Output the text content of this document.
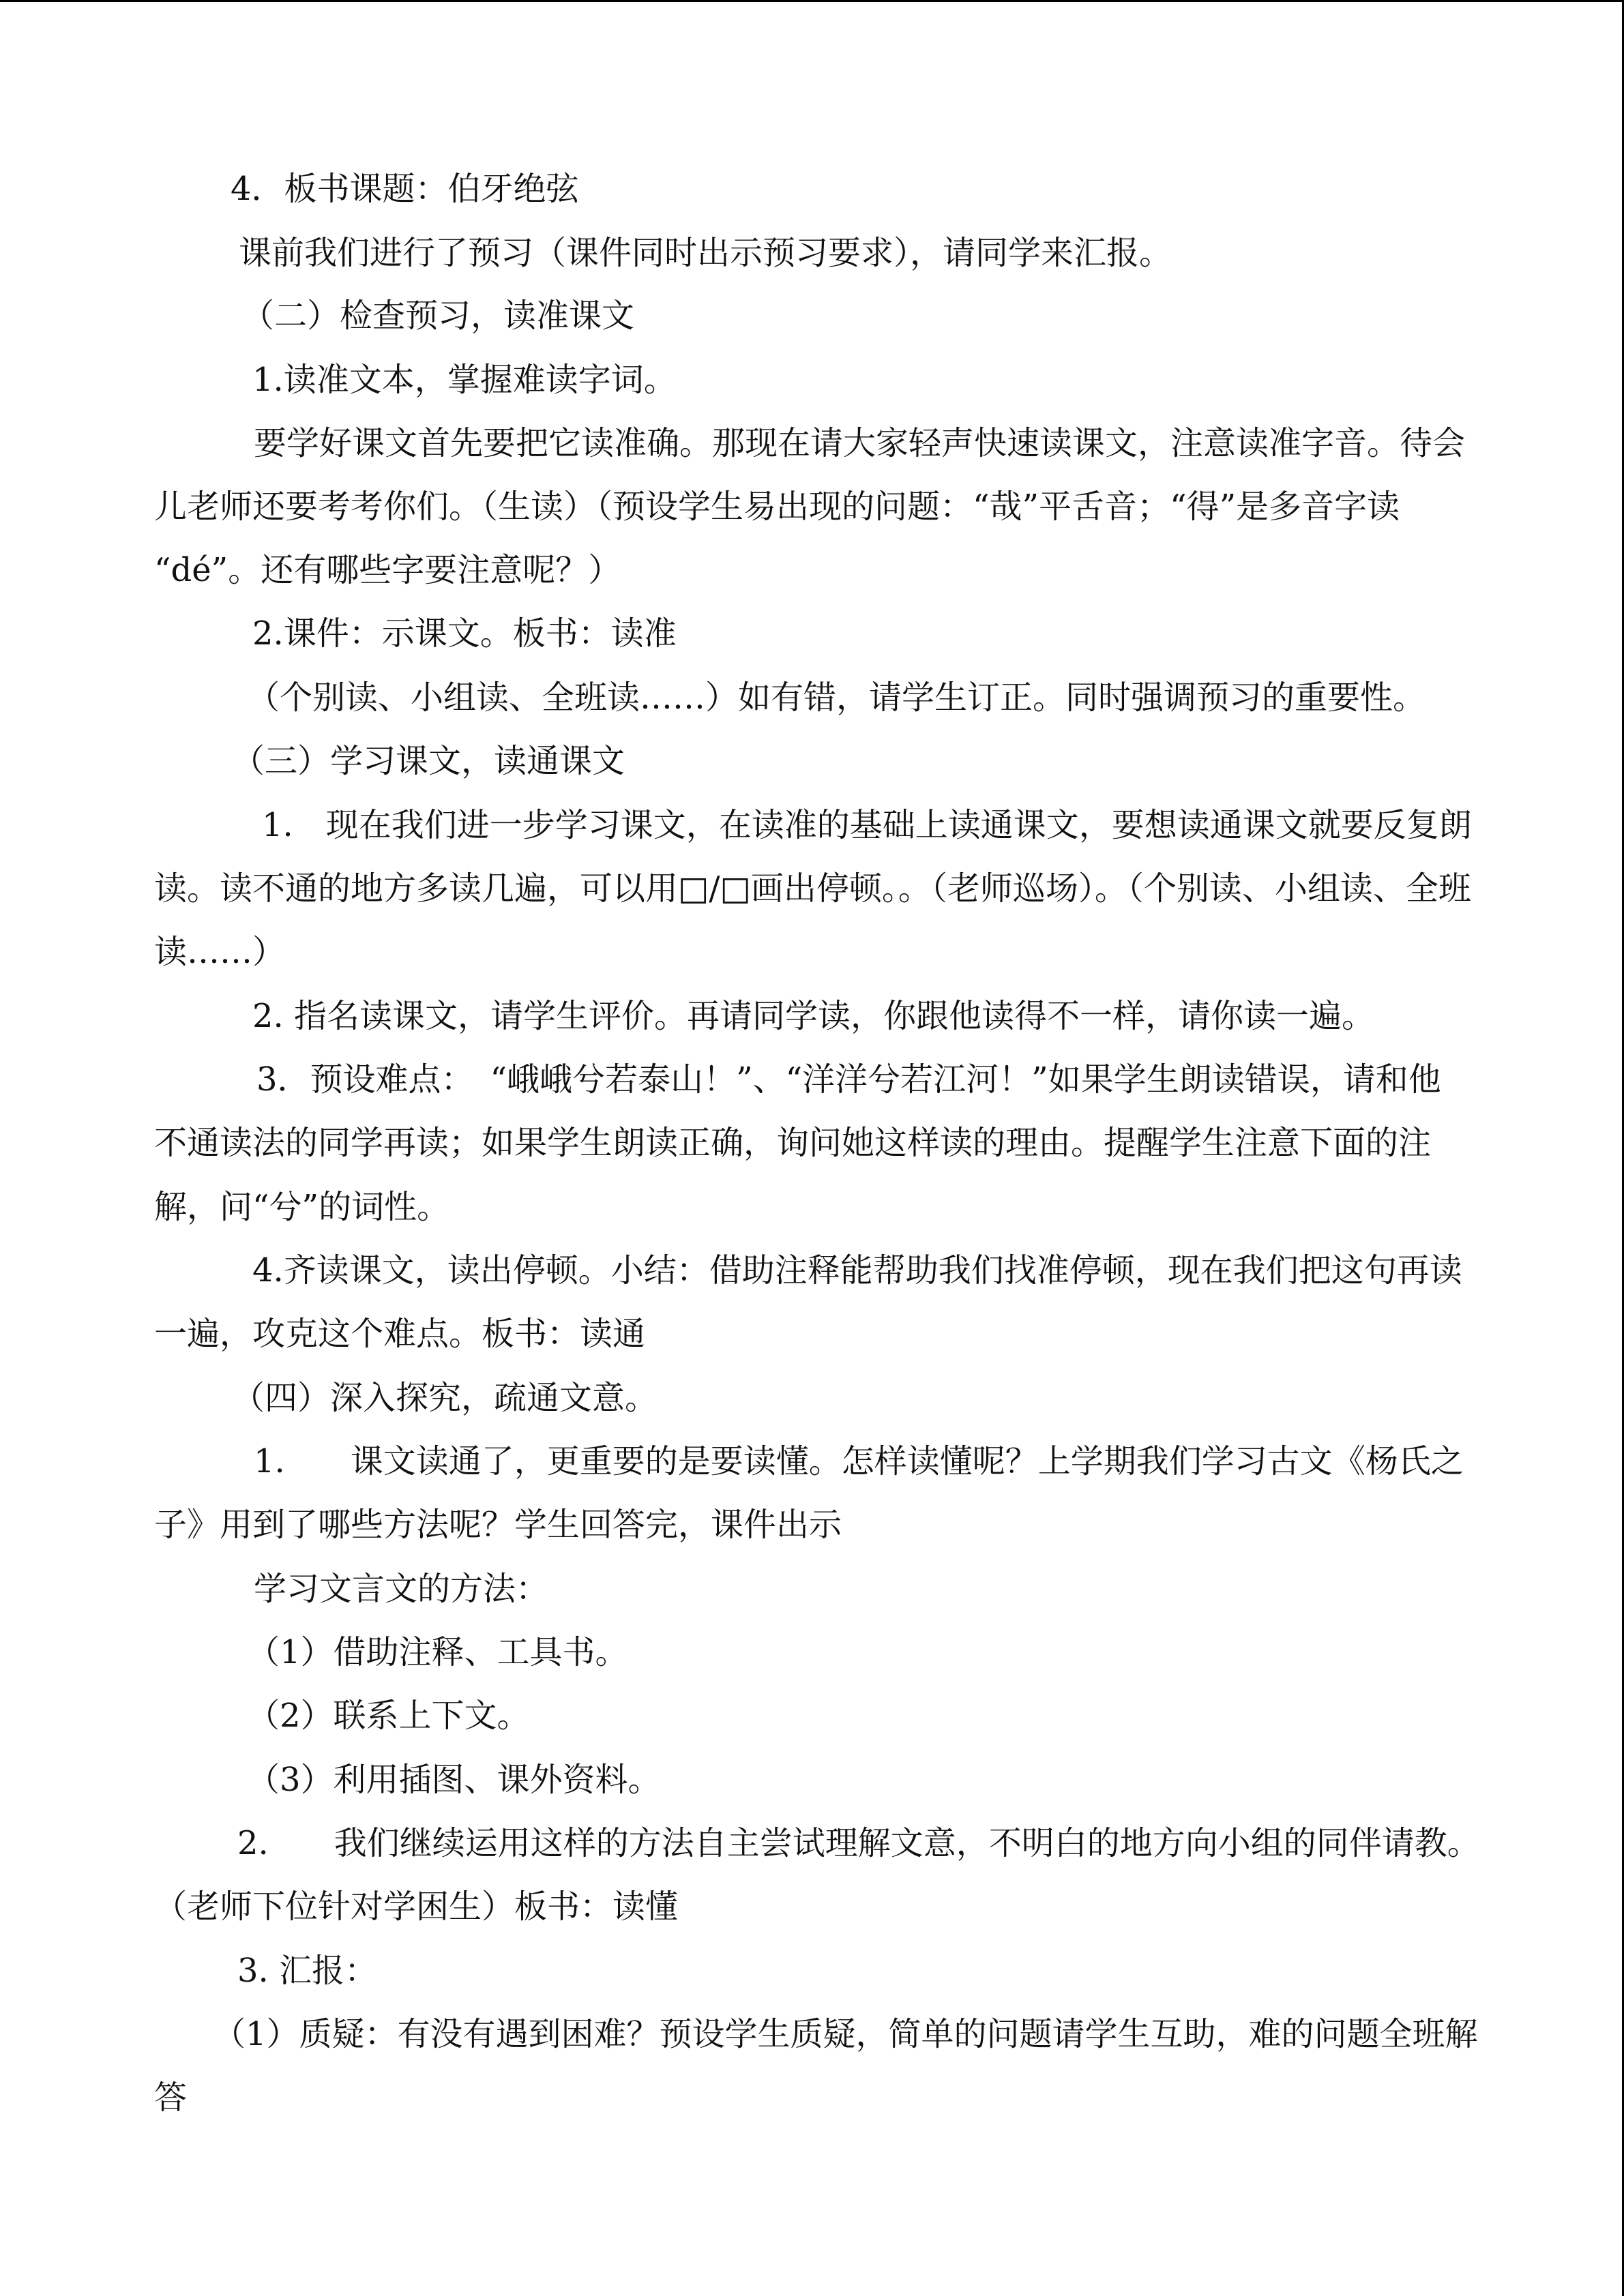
4．板书课题：伯牙绝弦
课前我们进行了预习（课件同时出示预习要求），请同学来汇报。
（二）检查预习，读准课文
1.读准文本，掌握难读字词。
要学好课文首先要把它读准确。那现在请大家轻声快速读课文，注意读准字音。待会
儿老师还要考考你们。（生读）（预设学生易出现的问题：“哉”平舌音；“得”是多音字读
“dé”。还有哪些字要注意呢？）
2.课件：示课文。板书：读准
（个别读、小组读、全班读……）如有错，请学生订正。同时强调预习的重要性。
（三）学习课文，读通课文
1.　现在我们进一步学习课文，在读准的基础上读通课文，要想读通课文就要反复朗
读。读不通的地方多读几遍，可以用□/□画出停顿。。（老师巡场）。（个别读、小组读、全班
读……）
2. 指名读课文，请学生评价。再请同学读，你跟他读得不一样，请你读一遍。
3．预设难点：　“峨峨兮若泰山！”、“洋洋兮若江河！”如果学生朗读错误，请和他
不通读法的同学再读；如果学生朗读正确，询问她这样读的理由。提醒学生注意下面的注
解，问“兮”的词性。
4.齐读课文，读出停顿。小结：借助注释能帮助我们找准停顿，现在我们把这句再读
一遍，攻克这个难点。板书：读通
（四）深入探究，疏通文意。
1.　　课文读通了，更重要的是要读懂。怎样读懂呢？上学期我们学习古文《杨氏之
子》用到了哪些方法呢？学生回答完，课件出示
学习文言文的方法：
（1）借助注释、工具书。
（2）联系上下文。
（3）利用插图、课外资料。
2.　　我们继续运用这样的方法自主尝试理解文意，不明白的地方向小组的同伴请教。
（老师下位针对学困生）板书：读懂
3. 汇报：
（1）质疑：有没有遇到困难？预设学生质疑，简单的问题请学生互助，难的问题全班解
答
